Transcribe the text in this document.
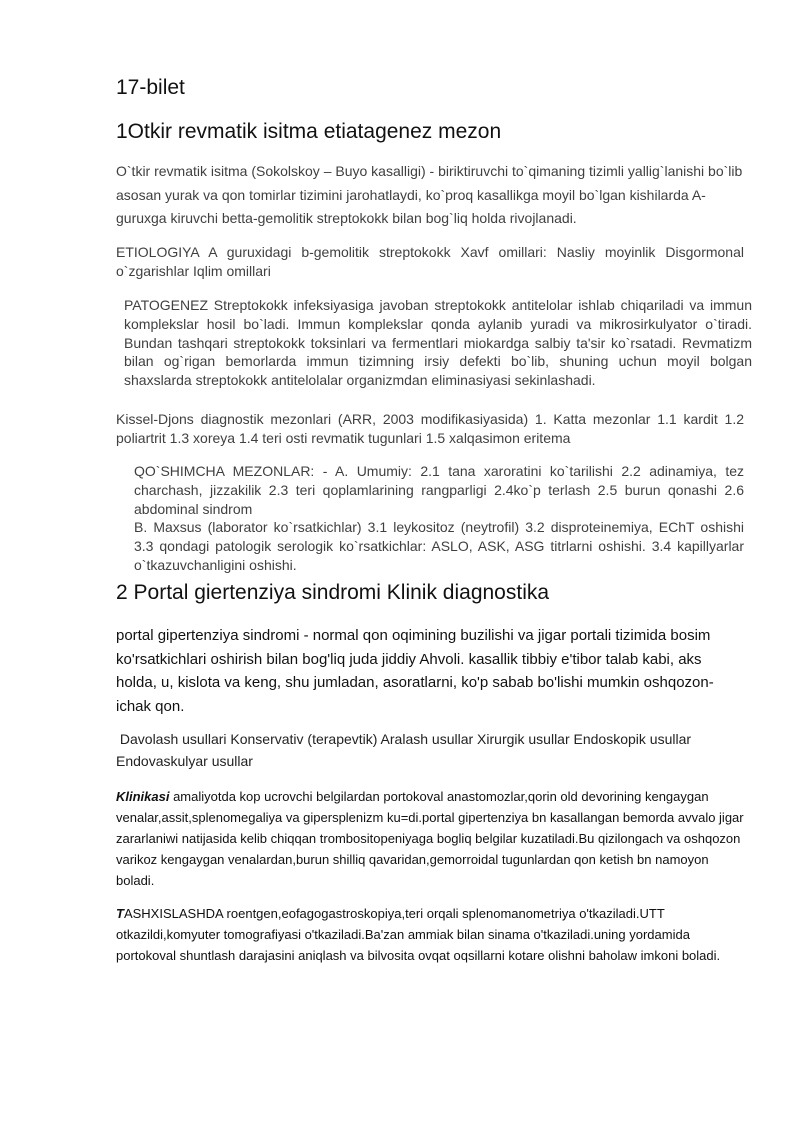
17-bilet

1Otkir revmatik isitma etiatagenez mezon

O`tkir revmatik isitma (Sokolskoy – Buyo kasalligi) - biriktiruvchi to`qimaning tizimli yallig`lanishi bo`lib asosan yurak va qon tomirlar tizimini jarohatlaydi, ko`proq kasallikga moyil bo`lgan kishilarda A-guruxga kiruvchi betta-gemolitik streptokokk bilan bog`liq holda rivojlanadi.

ETIOLOGIYA A guruxidagi b-gemolitik streptokokk Xavf omillari: Nasliy moyinlik Disgormonal o`zgarishlar Iqlim omillari

PATOGENEZ Streptokokk infeksiyasiga javoban streptokokk antitelolar ishlab chiqariladi va immun komplekslar hosil bo`ladi. Immun komplekslar qonda aylanib yuradi va mikrosirkulyator o`tiradi. Bundan tashqari streptokokk toksinlari va fermentlari miokardga salbiy ta'sir ko`rsatadi. Revmatizm bilan og`rigan bemorlarda immun tizimning irsiy defekti bo`lib, shuning uchun moyil bolgan shaxslarda streptokokk antitelolalar organizmdan eliminasiyasi sekinlashadi.

Kissel-Djons diagnostik mezonlari (ARR, 2003 modifikasiyasida) 1. Katta mezonlar 1.1 kardit 1.2 poliartrit 1.3 xoreya 1.4 teri osti revmatik tugunlari 1.5 xalqasimon eritema

QO`SHIMCHA MEZONLAR: - A. Umumiy: 2.1 tana xaroratini ko`tarilishi 2.2 adinamiya, tez charchash, jizzakilik 2.3 teri qoplamlarining rangparligi 2.4ko`p terlash 2.5 burun qonashi 2.6 abdominal sindrom
B. Maxsus (laborator ko`rsatkichlar) 3.1 leykositoz (neytrofil) 3.2 disproteinemiya, EChT oshishi 3.3 qondagi patologik serologik ko`rsatkichlar: ASLO, ASK, ASG titrlarni oshishi. 3.4 kapillyarlar o`tkazuvchanligini oshishi.

2 Portal giertenziya sindromi Klinik diagnostika

portal gipertenziya sindromi - normal qon oqimining buzilishi va jigar portali tizimida bosim ko'rsatkichlari oshirish bilan bog'liq juda jiddiy Ahvoli. kasallik tibbiy e'tibor talab kabi, aks holda, u, kislota va keng, shu jumladan, asoratlarni, ko'p sabab bo'lishi mumkin oshqozon-ichak qon.

Davolash usullari Konservativ (terapevtik) Aralash usullar Xirurgik usullar Endoskopik usullar Endovaskulyar usullar

Klinikasi amaliyotda kop ucrovchi belgilardan portokoval anastomozlar,qorin old devorining kengaygan venalar,assit,splenomegaliya va gipersplenizm ku=di.portal gipertenziya bn kasallangan bemorda avvalo jigar zararlaniwi natijasida kelib chiqqan trombositopeniyaga bogliq belgilar kuzatiladi.Bu qizilongach va oshqozon varikoz kengaygan venalardan,burun shilliq qavaridan,gemorroidal tugunlardan qon ketish bn namoyon boladi.

TASHXISLASHDA roentgen,eofagogastroskopiya,teri orqali splenomanometriya o'tkaziladi.UTT otkazildi,komyuter tomografiyasi o'tkaziladi.Ba'zan ammiak bilan sinama o'tkaziladi.uning yordamida portokoval shuntlash darajasini aniqlash va bilvosita ovqat oqsillarni kotare olishni bahola​w imkoni boladi.
